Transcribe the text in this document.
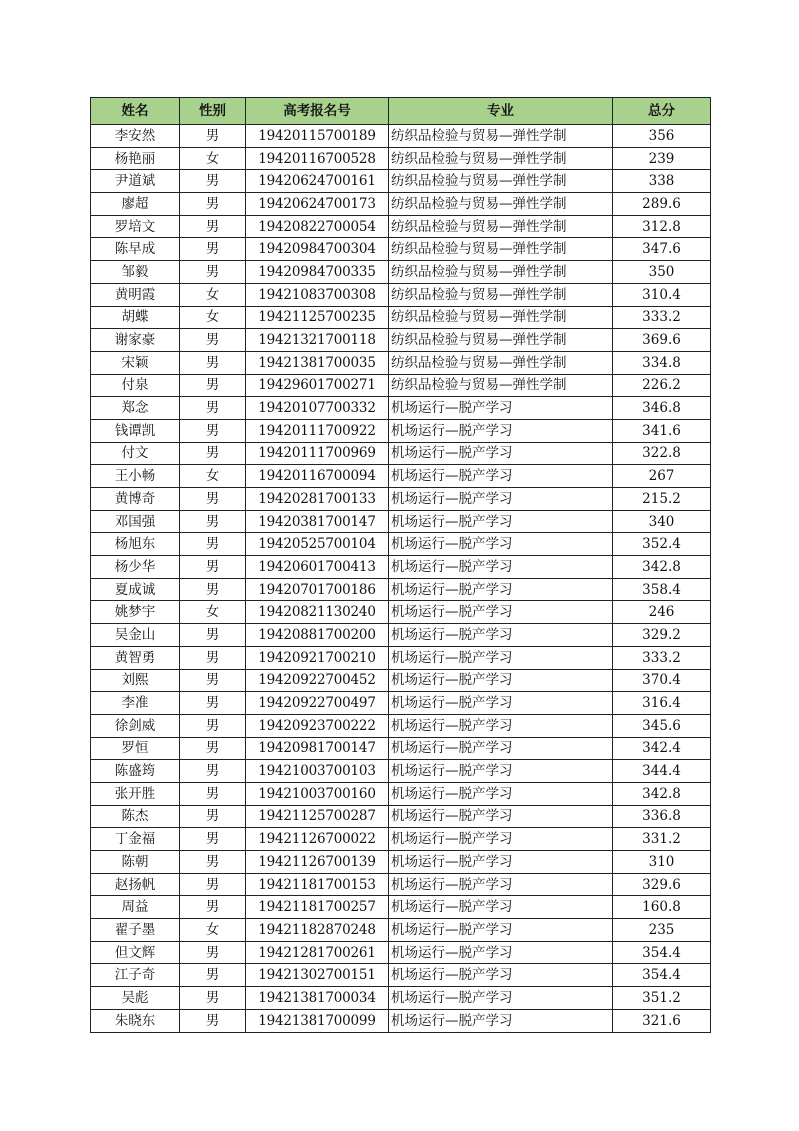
姓名	性别	高考报名号	专业	总分
李安然	男	19420115700189	纺织品检验与贸易—弹性学制	356
杨艳丽	女	19420116700528	纺织品检验与贸易—弹性学制	239
尹道斌	男	19420624700161	纺织品检验与贸易—弹性学制	338
廖超	男	19420624700173	纺织品检验与贸易—弹性学制	289.6
罗培文	男	19420822700054	纺织品检验与贸易—弹性学制	312.8
陈早成	男	19420984700304	纺织品检验与贸易—弹性学制	347.6
邹毅	男	19420984700335	纺织品检验与贸易—弹性学制	350
黄明霞	女	19421083700308	纺织品检验与贸易—弹性学制	310.4
胡蝶	女	19421125700235	纺织品检验与贸易—弹性学制	333.2
谢家豪	男	19421321700118	纺织品检验与贸易—弹性学制	369.6
宋颖	男	19421381700035	纺织品检验与贸易—弹性学制	334.8
付泉	男	19429601700271	纺织品检验与贸易—弹性学制	226.2
郑念	男	19420107700332	机场运行—脱产学习	346.8
钱谭凯	男	19420111700922	机场运行—脱产学习	341.6
付文	男	19420111700969	机场运行—脱产学习	322.8
王小畅	女	19420116700094	机场运行—脱产学习	267
黄博奇	男	19420281700133	机场运行—脱产学习	215.2
邓国强	男	19420381700147	机场运行—脱产学习	340
杨旭东	男	19420525700104	机场运行—脱产学习	352.4
杨少华	男	19420601700413	机场运行—脱产学习	342.8
夏成诚	男	19420701700186	机场运行—脱产学习	358.4
姚梦宇	女	19420821130240	机场运行—脱产学习	246
吴金山	男	19420881700200	机场运行—脱产学习	329.2
黄智勇	男	19420921700210	机场运行—脱产学习	333.2
刘熙	男	19420922700452	机场运行—脱产学习	370.4
李准	男	19420922700497	机场运行—脱产学习	316.4
徐剑威	男	19420923700222	机场运行—脱产学习	345.6
罗恒	男	19420981700147	机场运行—脱产学习	342.4
陈盛筠	男	19421003700103	机场运行—脱产学习	344.4
张开胜	男	19421003700160	机场运行—脱产学习	342.8
陈杰	男	19421125700287	机场运行—脱产学习	336.8
丁金福	男	19421126700022	机场运行—脱产学习	331.2
陈朝	男	19421126700139	机场运行—脱产学习	310
赵扬帆	男	19421181700153	机场运行—脱产学习	329.6
周益	男	19421181700257	机场运行—脱产学习	160.8
翟子墨	女	19421182870248	机场运行—脱产学习	235
但文辉	男	19421281700261	机场运行—脱产学习	354.4
江子奇	男	19421302700151	机场运行—脱产学习	354.4
吴彪	男	19421381700034	机场运行—脱产学习	351.2
朱晓东	男	19421381700099	机场运行—脱产学习	321.6
